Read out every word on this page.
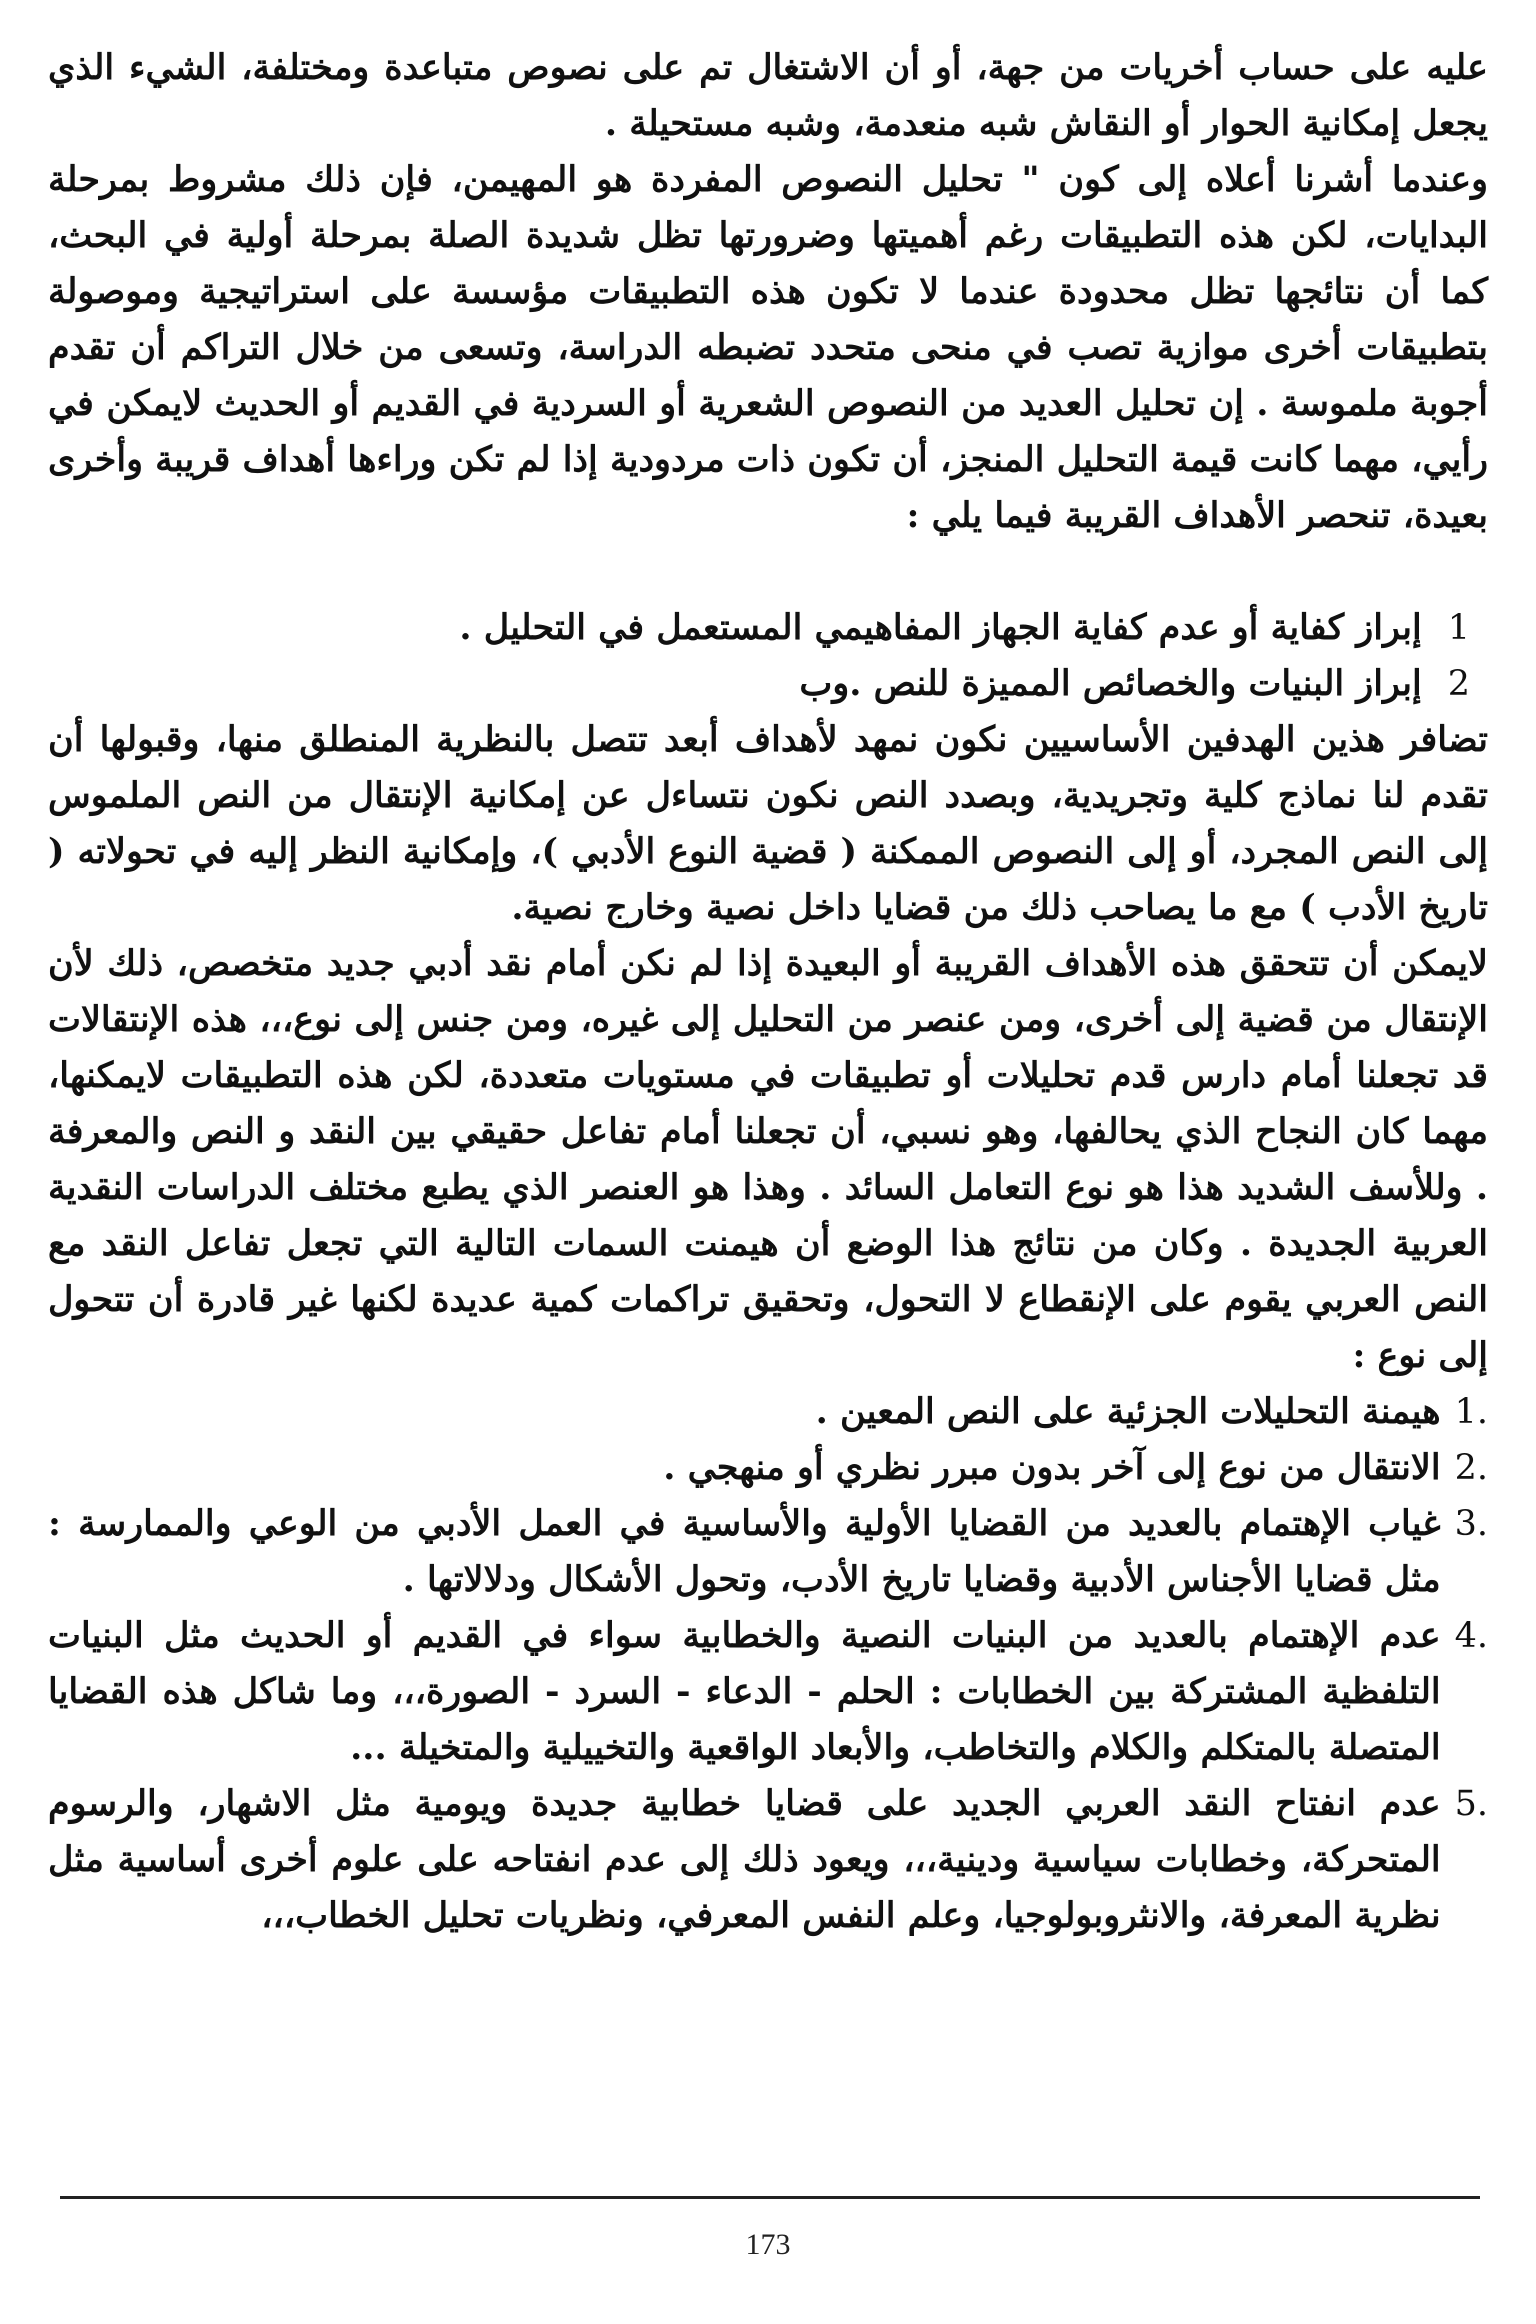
عليه على حساب أخريات من جهة، أو أن الاشتغال تم على نصوص متباعدة ومختلفة، الشيء الذي يجعل إمكانية الحوار أو النقاش شبه منعدمة، وشبه مستحيلة .

وعندما أشرنا أعلاه إلى كون " تحليل النصوص المفردة هو المهيمن، فإن ذلك مشروط بمرحلة البدايات، لكن هذه التطبيقات رغم أهميتها وضرورتها تظل شديدة الصلة بمرحلة أولية في البحث، كما أن نتائجها تظل محدودة عندما لا تكون هذه التطبيقات مؤسسة على استراتيجية وموصولة بتطبيقات أخرى موازية تصب في منحى متحدد تضبطه الدراسة، وتسعى من خلال التراكم أن تقدم أجوبة ملموسة . إن تحليل العديد من النصوص الشعرية أو السردية في القديم أو الحديث لايمكن في رأيي، مهما كانت قيمة التحليل المنجز، أن تكون ذات مردودية إذا لم تكن وراءها أهداف قريبة وأخرى بعيدة، تنحصر الأهداف القريبة فيما يلي :

1
إبراز كفاية أو عدم كفاية الجهاز المفاهيمي المستعمل في التحليل .
2
إبراز البنيات والخصائص المميزة للنص .وب

تضافر هذين الهدفين الأساسيين نكون نمهد لأهداف أبعد تتصل بالنظرية المنطلق منها، وقبولها أن تقدم لنا نماذج كلية وتجريدية، وبصدد النص نكون نتساءل عن إمكانية الإنتقال من النص الملموس إلى النص المجرد، أو إلى النصوص الممكنة ( قضية النوع الأدبي )، وإمكانية النظر إليه في تحولاته ( تاريخ الأدب ) مع ما يصاحب ذلك من قضايا داخل نصية وخارج نصية.

لايمكن أن تتحقق هذه الأهداف القريبة أو البعيدة إذا لم نكن أمام نقد أدبي جديد متخصص، ذلك لأن الإنتقال من قضية إلى أخرى، ومن عنصر من التحليل إلى غيره، ومن جنس إلى نوع،،، هذه الإنتقالات قد تجعلنا أمام دارس قدم تحليلات أو تطبيقات في مستويات متعددة، لكن هذه التطبيقات لايمكنها، مهما كان النجاح الذي يحالفها، وهو نسبي، أن تجعلنا أمام تفاعل حقيقي بين النقد و النص والمعرفة . وللأسف الشديد هذا هو نوع التعامل السائد . وهذا هو العنصر الذي يطبع مختلف الدراسات النقدية العربية الجديدة . وكان من نتائج هذا الوضع أن هيمنت السمات التالية التي تجعل تفاعل النقد مع النص العربي يقوم على الإنقطاع لا التحول، وتحقيق تراكمات كمية عديدة لكنها غير قادرة أن تتحول إلى نوع :

1.
هيمنة التحليلات الجزئية على النص المعين .
2.
الانتقال من نوع إلى آخر بدون مبرر نظري أو منهجي .
3.
غياب الإهتمام بالعديد من القضايا الأولية والأساسية في العمل الأدبي من الوعي والممارسة : مثل قضايا الأجناس الأدبية وقضايا تاريخ الأدب، وتحول الأشكال ودلالاتها .
4.
عدم الإهتمام بالعديد من البنيات النصية والخطابية سواء في القديم أو الحديث مثل البنيات التلفظية المشتركة بين الخطابات : الحلم - الدعاء - السرد - الصورة،،، وما شاكل هذه القضايا المتصلة بالمتكلم والكلام والتخاطب، والأبعاد الواقعية والتخييلية والمتخيلة ...
5.
عدم انفتاح النقد العربي الجديد على قضايا خطابية جديدة ويومية مثل الاشهار، والرسوم المتحركة، وخطابات سياسية ودينية،،، ويعود ذلك إلى عدم انفتاحه على علوم أخرى أساسية مثل نظرية المعرفة، والانثروبولوجيا، وعلم النفس المعرفي، ونظريات تحليل الخطاب،،،
173
